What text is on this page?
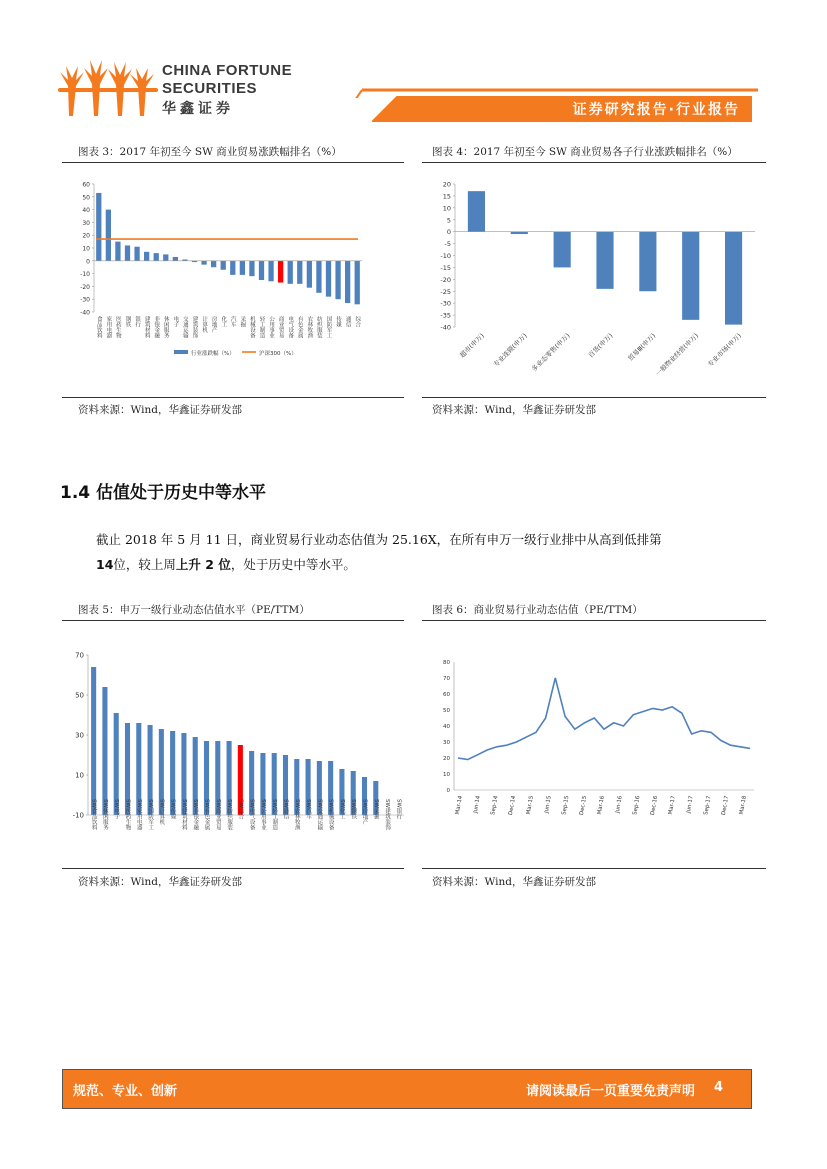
CHINA FORTUNE
SECURITIES
华鑫证券	证券研究报告·行业报告
图表 3：2017 年初至今 SW 商业贸易涨跌幅排名（%）
60
50
40
30
20
10
0
-10
-20
-30
-40
食品饮料 家用电器 医药生物 钢铁 银行 建筑材料 非银金融 休闲服务 电子 交通运输 建筑装饰 计算机 房地产 化工 汽车 采掘 机械设备 轻工制造 公用事业 商业贸易 电气设备 有色金属 农林牧渔 纺织服装 国防军工 传媒 通信 综合
行业涨跌幅（%）	沪深300（%）
资料来源：Wind，华鑫证券研发部
图表 4：2017 年初至今 SW 商业贸易各子行业涨跌幅排名（%）
20
15
10
5
0
-5
-10
-15
-20
-25
-30
-35
-40
超市(申万) 专业连锁(申万) 多业态零售(申万) 百货(申万) 贸易Ⅲ(申万)
一般物业经营(申万) 专业市场(申万)
资料来源：Wind，华鑫证券研发部
1.4 估值处于历史中等水平
截止 2018 年 5 月 11 日，商业贸易行业动态估值为 25.16X，在所有申万一级行业排中从高到低排第
14位，较上周上升 2 位，处于历史中等水平。
图表 5：申万一级行业动态估值水平（PE/TTM）
70
50
30
10
-10 SW食品饮料 SW休闲服务 SW电子 SW医药生物 SW家用电器 SW国防军工 SW计算机 SW传媒 SW建筑材料 SW非银金融 SW有色金属 SW商业贸易 SW纺织服装 SW综合 SW电气设备 SW公用事业 SW轻工制造 SW通信 SW农林牧渔 SW汽车 SW交通运输 SW机械设备 SW化工 SW钢铁 SW房地产 SW采掘 SW建筑装饰 SW银行
资料来源：Wind，华鑫证券研发部
图表 6：商业贸易行业动态估值（PE/TTM）
80
70
60
50
40
30
20
10
0
Mar-14 Jun-14 Sep-14 Dec-14 Mar-15 Jun-15 Sep-15 Dec-15 Mar-16 Jun-16 Sep-16 Dec-16 Mar-17 Jun-17 Sep-17 Dec-17 Mar-18
资料来源：Wind，华鑫证券研发部
规范、专业、创新	请阅读最后一页重要免责声明 4
